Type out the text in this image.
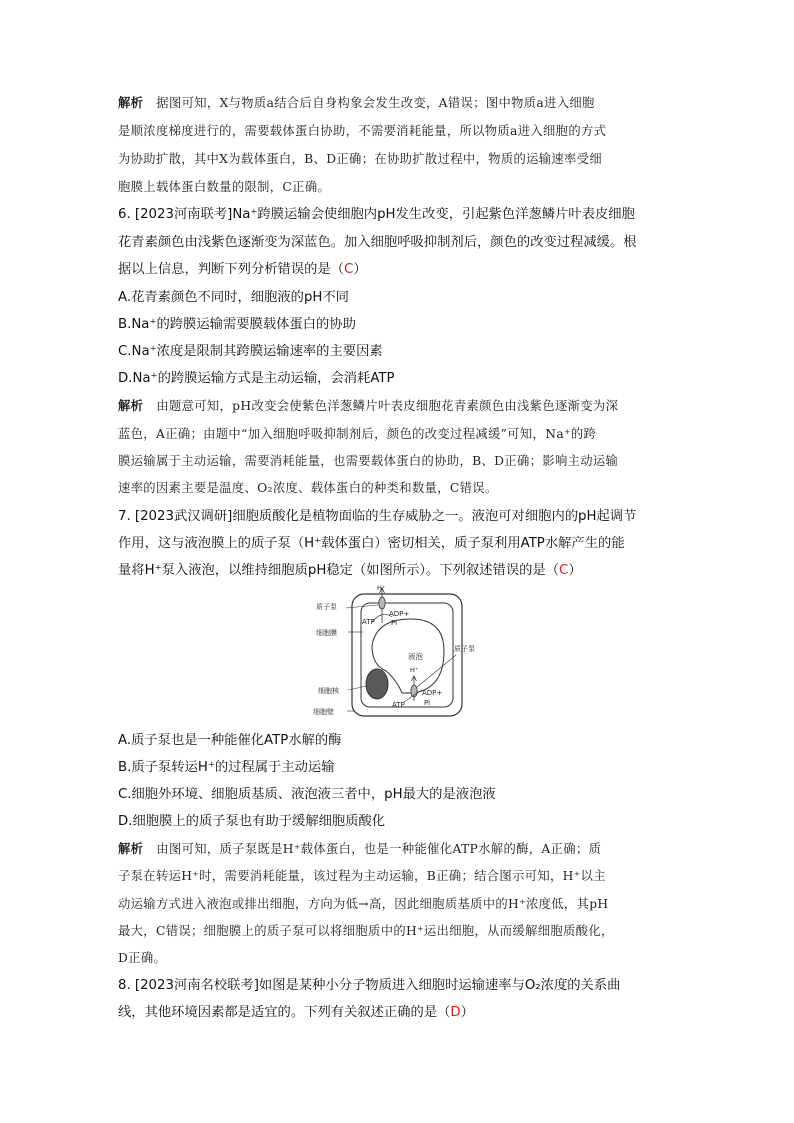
解析 据图可知，X与物质a结合后自身构象会发生改变，A错误；图中物质a进入细胞
是顺浓度梯度进行的，需要载体蛋白协助，不需要消耗能量，所以物质a进入细胞的方式
为协助扩散，其中X为载体蛋白，B、D正确；在协助扩散过程中，物质的运输速率受细
胞膜上载体蛋白数量的限制，C正确。
6. [2023河南联考]Na⁺跨膜运输会使细胞内pH发生改变，引起紫色洋葱鳞片叶表皮细胞
花青素颜色由浅紫色逐渐变为深蓝色。加入细胞呼吸抑制剂后，颜色的改变过程减缓。根
据以上信息，判断下列分析错误的是（C）
A.花青素颜色不同时，细胞液的pH不同
B.Na⁺的跨膜运输需要膜载体蛋白的协助
C.Na⁺浓度是限制其跨膜运输速率的主要因素
D.Na⁺的跨膜运输方式是主动运输，会消耗ATP
解析 由题意可知，pH改变会使紫色洋葱鳞片叶表皮细胞花青素颜色由浅紫色逐渐变为深
蓝色，A正确；由题中“加入细胞呼吸抑制剂后，颜色的改变过程减缓”可知，Na⁺的跨
膜运输属于主动运输，需要消耗能量，也需要载体蛋白的协助，B、D正确；影响主动运输
速率的因素主要是温度、O₂浓度、载体蛋白的种类和数量，C错误。
7. [2023武汉调研]细胞质酸化是植物面临的生存威胁之一。液泡可对细胞内的pH起调节
作用，这与液泡膜上的质子泵（H⁺载体蛋白）密切相关，质子泵利用ATP水解产生的能
量将H⁺泵入液泡，以维持细胞质pH稳定（如图所示）。下列叙述错误的是（C）
H⁺
ATP
ADP+
Pi
质子泵
细胞膜
细胞核
细胞壁
液泡
H⁺
质子泵
ATP
ADP+
Pi
A.质子泵也是一种能催化ATP水解的酶
B.质子泵转运H⁺的过程属于主动运输
C.细胞外环境、细胞质基质、液泡液三者中，pH最大的是液泡液
D.细胞膜上的质子泵也有助于缓解细胞质酸化
解析 由图可知，质子泵既是H⁺载体蛋白，也是一种能催化ATP水解的酶，A正确；质
子泵在转运H⁺时，需要消耗能量，该过程为主动运输，B正确；结合图示可知，H⁺以主
动运输方式进入液泡或排出细胞，方向为低→高，因此细胞质基质中的H⁺浓度低，其pH
最大，C错误；细胞膜上的质子泵可以将细胞质中的H⁺运出细胞，从而缓解细胞质酸化，
D正确。
8. [2023河南名校联考]如图是某种小分子物质进入细胞时运输速率与O₂浓度的关系曲
线，其他环境因素都是适宜的。下列有关叙述正确的是（D）
